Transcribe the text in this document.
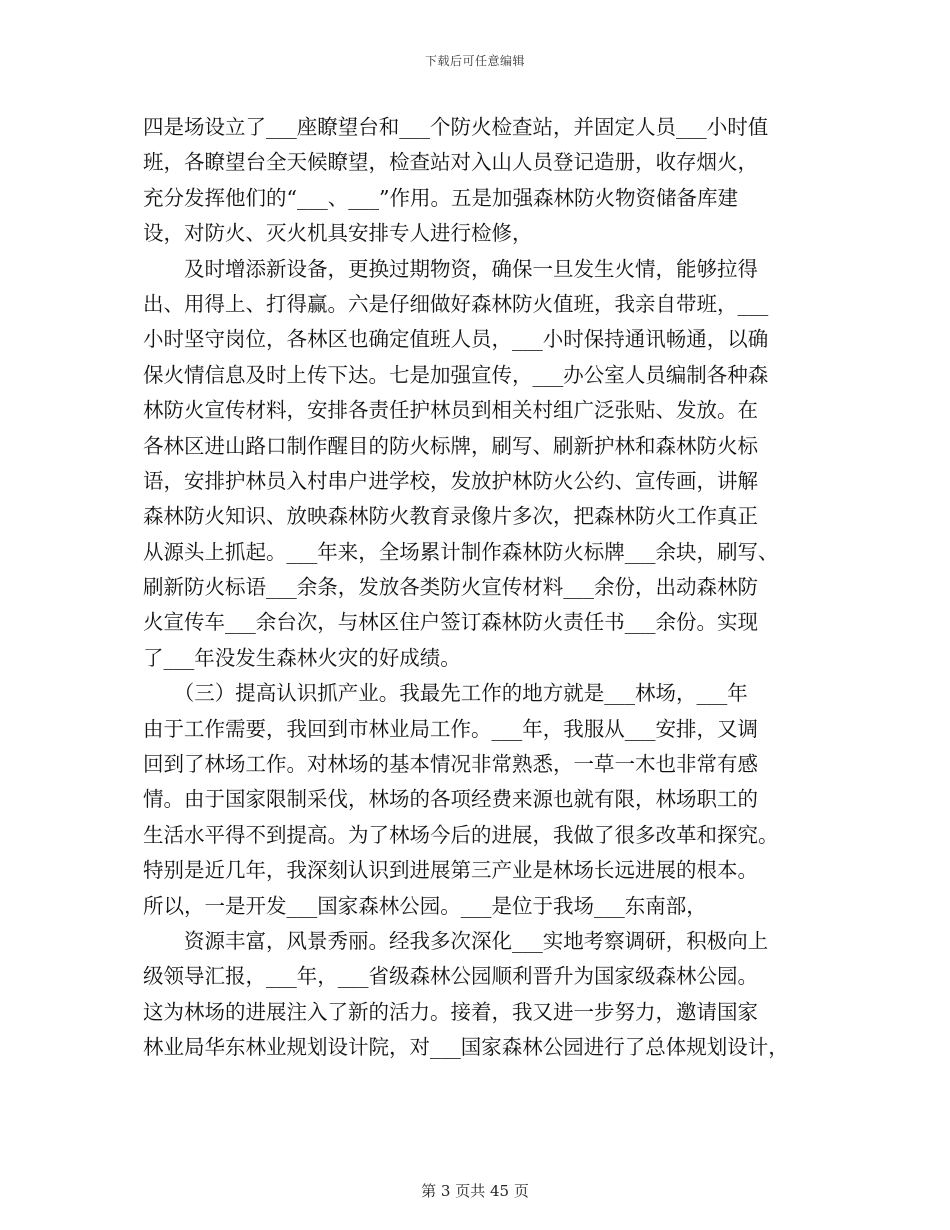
下载后可任意编辑
四是场设立了___座瞭望台和___个防火检查站，并固定人员___小时值
班，各瞭望台全天候瞭望，检查站对入山人员登记造册，收存烟火，
充分发挥他们的“___、___”作用。五是加强森林防火物资储备库建
设，对防火、灭火机具安排专人进行检修，
　　及时增添新设备，更换过期物资，确保一旦发生火情，能够拉得
出、用得上、打得赢。六是仔细做好森林防火值班，我亲自带班，___
小时坚守岗位，各林区也确定值班人员，___小时保持通讯畅通，以确
保火情信息及时上传下达。七是加强宣传，___办公室人员编制各种森
林防火宣传材料，安排各责任护林员到相关村组广泛张贴、发放。在
各林区进山路口制作醒目的防火标牌，刷写、刷新护林和森林防火标
语，安排护林员入村串户进学校，发放护林防火公约、宣传画，讲解
森林防火知识、放映森林防火教育录像片多次，把森林防火工作真正
从源头上抓起。___年来，全场累计制作森林防火标牌___余块，刷写、
刷新防火标语___余条，发放各类防火宣传材料___余份，出动森林防
火宣传车___余台次，与林区住户签订森林防火责任书___余份。实现
了___年没发生森林火灾的好成绩。
　　（三）提高认识抓产业。我最先工作的地方就是___林场，___年
由于工作需要，我回到市林业局工作。___年，我服从___安排，又调
回到了林场工作。对林场的基本情况非常熟悉，一草一木也非常有感
情。由于国家限制采伐，林场的各项经费来源也就有限，林场职工的
生活水平得不到提高。为了林场今后的进展，我做了很多改革和探究。
特别是近几年，我深刻认识到进展第三产业是林场长远进展的根本。
所以，一是开发___国家森林公园。___是位于我场___东南部，
　　资源丰富，风景秀丽。经我多次深化___实地考察调研，积极向上
级领导汇报，___年，___省级森林公园顺利晋升为国家级森林公园。
这为林场的进展注入了新的活力。接着，我又进一步努力，邀请国家
林业局华东林业规划设计院，对___国家森林公园进行了总体规划设计，
第 3 页共 45 页
